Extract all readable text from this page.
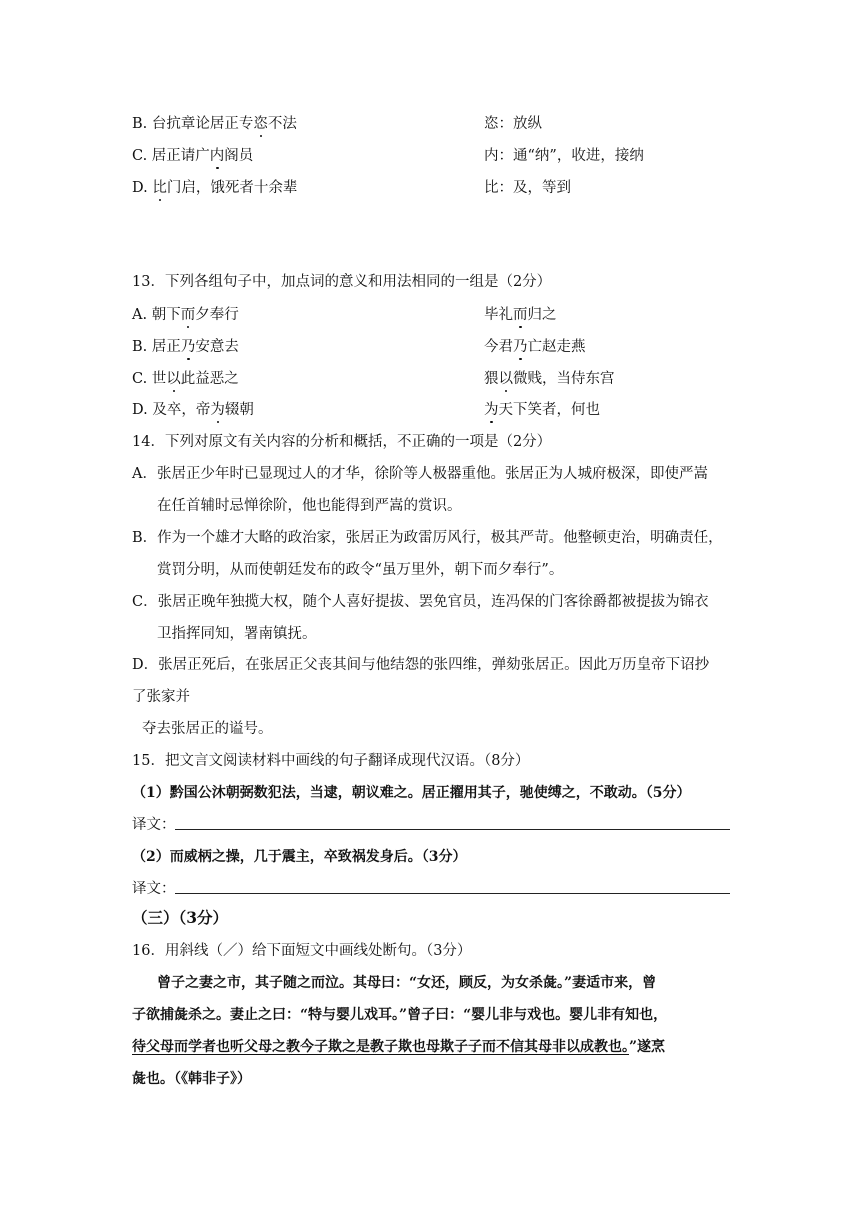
B. 台抗章论居正专恣不法	恣：放纵
C. 居正请广内阁员	内：通“纳”，收进，接纳
D. 比门启，饿死者十余辈	比：及，等到
13．下列各组句子中，加点词的意义和用法相同的一组是（2分）
A. 朝下而夕奉行	毕礼而归之
B. 居正乃安意去	今君乃亡赵走燕
C. 世以此益恶之	猥以微贱，当侍东宫
D. 及卒，帝为辍朝	为天下笑者，何也
14．下列对原文有关内容的分析和概括，不正确的一项是（2分）
A．张居正少年时已显现过人的才华，徐阶等人极器重他。张居正为人城府极深，即使严嵩
在任首辅时忌惮徐阶，他也能得到严嵩的赏识。
B．作为一个雄才大略的政治家，张居正为政雷厉风行，极其严苛。他整顿吏治，明确责任，
赏罚分明，从而使朝廷发布的政令“虽万里外，朝下而夕奉行”。
C．张居正晚年独揽大权，随个人喜好提拔、罢免官员，连冯保的门客徐爵都被提拔为锦衣
卫指挥同知，署南镇抚。
D．张居正死后，在张居正父丧其间与他结怨的张四维，弹劾张居正。因此万历皇帝下诏抄
了张家并
夺去张居正的谥号。
15．把文言文阅读材料中画线的句子翻译成现代汉语。（8分）
（1）黔国公沐朝弼数犯法，当逮，朝议难之。居正擢用其子，驰使缚之，不敢动。（5分）
译文：
（2）而威柄之操，几于震主，卒致祸发身后。（3分）
译文：
（三）（3分）
16．用斜线（／）给下面短文中画线处断句。（3分）
曾子之妻之市，其子随之而泣。其母曰：“女还，顾反，为女杀彘。”妻适市来，曾
子欲捕彘杀之。妻止之曰：“特与婴儿戏耳。”曾子曰：“婴儿非与戏也。婴儿非有知也，
待父母而学者也听父母之教今子欺之是教子欺也母欺子子而不信其母非以成教也。”遂烹
彘也。（《韩非子》）
